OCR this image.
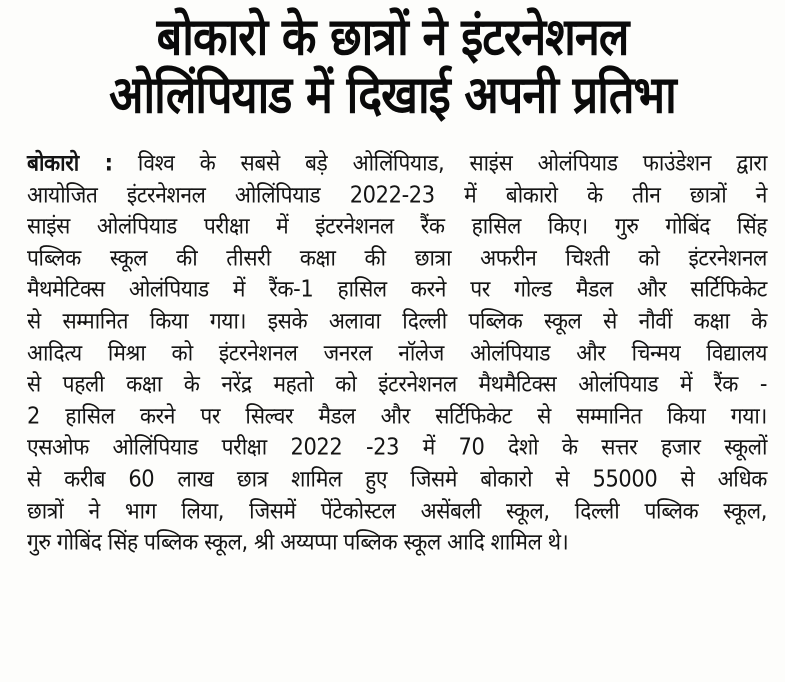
बोकारो के छात्रों ने इंटरनेशनल
ओलिंपियाड में दिखाई अपनी प्रतिभा
बोकारो : विश्व के सबसे बड़े ओलिंपियाड, साइंस ओलंपियाड फाउंडेशन द्वारा
आयोजित इंटरनेशनल ओलिंपियाड 2022-23 में बोकारो के तीन छात्रों ने
साइंस ओलंपियाड परीक्षा में इंटरनेशनल रैंक हासिल किए। गुरु गोबिंद सिंह
पब्लिक स्कूल की तीसरी कक्षा की छात्रा अफरीन चिश्ती को इंटरनेशनल
मैथमेटिक्स ओलंपियाड में रैंक-1 हासिल करने पर गोल्ड मैडल और सर्टिफिकेट
से सम्मानित किया गया। इसके अलावा दिल्ली पब्लिक स्कूल से नौवीं कक्षा के
आदित्य मिश्रा को इंटरनेशनल जनरल नॉलेज ओलंपियाड और चिन्मय विद्यालय
से पहली कक्षा के नरेंद्र महतो को इंटरनेशनल मैथमैटिक्स ओलंपियाड में रैंक -
2 हासिल करने पर सिल्वर मैडल और सर्टिफिकेट से सम्मानित किया गया।
एसओफ ओलिंपियाड परीक्षा 2022 -23 में 70 देशो के सत्तर हजार स्कूलों
से करीब 60 लाख छात्र शामिल हुए जिसमे बोकारो से 55000 से अधिक
छात्रों ने भाग लिया, जिसमें पेंटेकोस्टल असेंबली स्कूल, दिल्ली पब्लिक स्कूल,
गुरु गोबिंद सिंह पब्लिक स्कूल, श्री अय्यप्पा पब्लिक स्कूल आदि शामिल थे।
